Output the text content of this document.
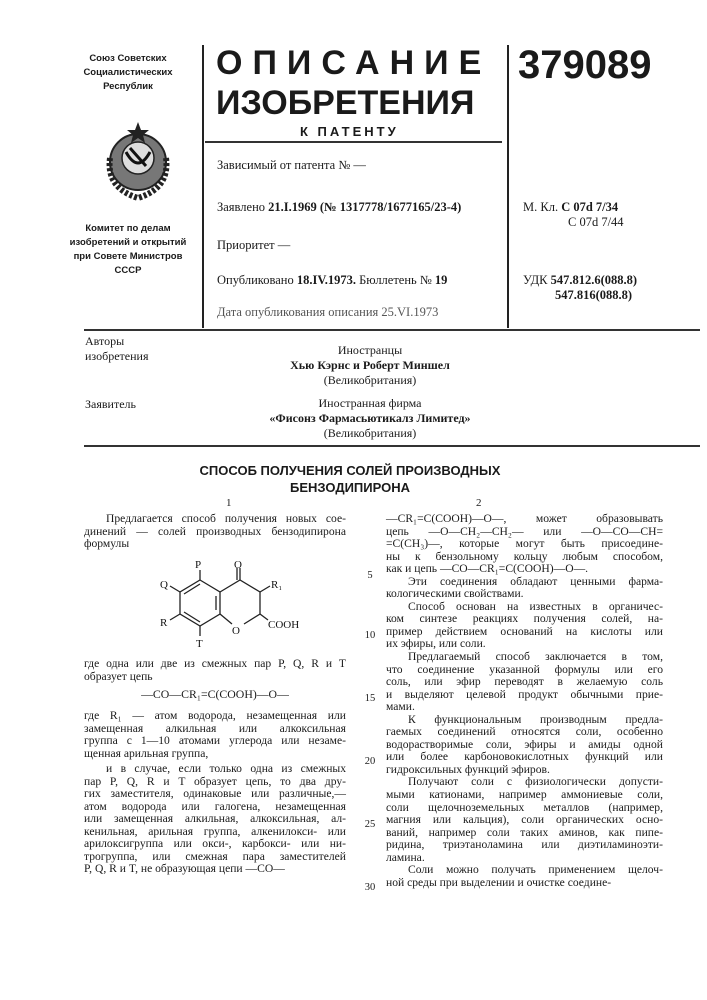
Союз Советских
Социалистических
Республик
Комитет по делам
изобретений и открытий
при Совете Министров
СССР
ОПИСАНИЕ
ИЗОБРЕТЕНИЯ
К ПАТЕНТУ
379089
Зависимый от патента № —
Заявлено 21.I.1969 (№ 1317778/1677165/23-4)
Приоритет —
Опубликовано 18.IV.1973. Бюллетень № 19
Дата опубликования описания 25.VI.1973
М. Кл. С 07d 7/34
С 07d 7/44
УДК 547.812.6(088.8)
547.816(088.8)
Авторы
изобретения	Иностранцы
Хью Кэрнс и Роберт Миншел
(Великобритания)
Заявитель	Иностранная фирма
«Фисонз Фармасьютикалз Лимитед»
(Великобритания)
СПОСОБ ПОЛУЧЕНИЯ СОЛЕЙ ПРОИЗВОДНЫХ
БЕНЗОДИПИРОНА
1	2
Предлагается способ получения новых сое-
динений — солей производных бензодипирона
формулы
P	O
Q	R₁
R
O	COOH
T
где одна или две из смежных пар P, Q, R и T
образует цепь
—CO—CR₁=C(COOH)—O—
где R₁ — атом водорода, незамещенная или
замещенная алкильная или алкоксильная
группа с 1—10 атомами углерода или незаме-
щенная арильная группа,
и в случае, если только одна из смежных
пар P, Q, R и T образует цепь, то два дру-
гих заместителя, одинаковые или различные,—
атом водорода или галогена, незамещенная
или замещенная алкильная, алкоксильная, ал-
кенильная, арильная группа, алкенилокси- или
арилоксигруппа или окси-, карбокси- или ни-
трогруппа, или смежная пара заместителей
P, Q, R и T, не образующая цепи —CO—
5
10
15
20
25
30
—CR₁=C(COOH)—O—, может образовывать
цепь —O—CH₂—CH₂— или —O—CO—CH=
=C(CH₃)—, которые могут быть присоедине-
ны к бензольному кольцу любым способом,
как и цепь —CO—CR₁=C(COOH)—O—.
Эти соединения обладают ценными фарма-
кологическими свойствами.
Способ основан на известных в органичес-
ком синтезе реакциях получения солей, на-
пример действием оснований на кислоты или
их эфиры, или соли.
Предлагаемый способ заключается в том,
что соединение указанной формулы или его
соль, или эфир переводят в желаемую соль
и выделяют целевой продукт обычными прие-
мами.
К функциональным производным предла-
гаемых соединений относятся соли, особенно
водорастворимые соли, эфиры и амиды одной
или более карбоновокислотных функций или
гидроксильных функций эфиров.
Получают соли с физиологически допусти-
мыми катионами, например аммониевые соли,
соли щелочноземельных металлов (например,
магния или кальция), соли органических осно-
ваний, например соли таких аминов, как пипе-
ридина, триэтаноламина или диэтиламиноэти-
ламина.
Соли можно получать применением щелоч-
ной среды при выделении и очистке соедине-
